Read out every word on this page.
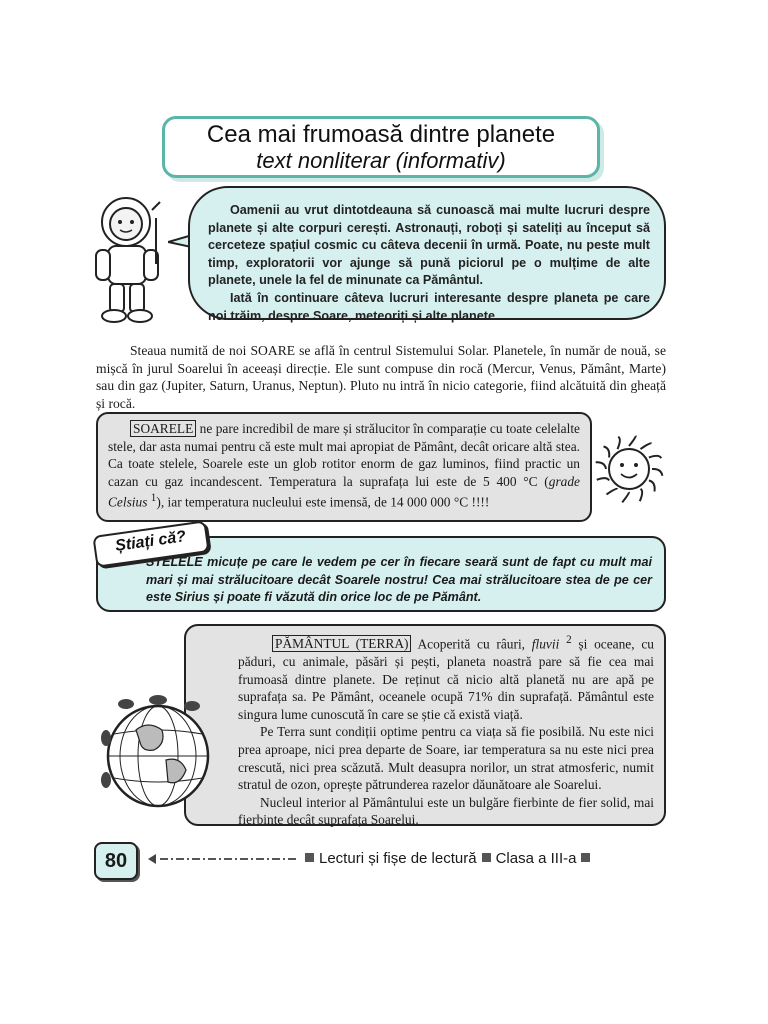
Cea mai frumoasă dintre planete
text nonliterar (informativ)

Oamenii au vrut dintotdeauna să cunoască mai multe lucruri despre planete și alte corpuri cerești. Astronauți, roboți și sateliți au început să cerceteze spațiul cosmic cu câteva decenii în urmă. Poate, nu peste mult timp, exploratorii vor ajunge să pună piciorul pe o mulțime de alte planete, unele la fel de minunate ca Pământul.

Iată în continuare câteva lucruri interesante despre planeta pe care noi trăim, despre Soare, meteoriți și alte planete.

Steaua numită de noi SOARE se află în centrul Sistemului Solar. Planetele, în număr de nouă, se mișcă în jurul Soarelui în aceeași direcție. Ele sunt compuse din rocă (Mercur, Venus, Pământ, Marte) sau din gaz (Jupiter, Saturn, Uranus, Neptun). Pluto nu intră în nicio categorie, fiind alcătuită din gheață și rocă.

SOARELE ne pare incredibil de mare și strălucitor în comparație cu toate celelalte stele, dar asta numai pentru că este mult mai apropiat de Pământ, decât oricare altă stea. Ca toate stelele, Soarele este un glob rotitor enorm de gaz luminos, fiind practic un cazan cu gaz incandescent. Temperatura la suprafața lui este de 5 400 °C (grade Celsius $^1$), iar temperatura nucleului este imensă, de 14 000 000 °C !!!!

STELELE micuțe pe care le vedem pe cer în fiecare seară sunt de fapt cu mult mai mari și mai strălucitoare decât Soarele nostru! Cea mai strălucitoare stea de pe cer este Sirius și poate fi văzută din orice loc de pe Pământ.

Știați că?

PĂMÂNTUL (TERRA) Acoperită cu râuri, fluvii $^2$ și oceane, cu păduri, cu animale, păsări și pești, planeta noastră pare să fie cea mai frumoasă dintre planete. De reținut că nicio altă planetă nu are apă pe suprafața sa. Pe Pământ, oceanele ocupă 71% din suprafață. Pământul este singura lume cunoscută în care se știe că există viață.

Pe Terra sunt condiții optime pentru ca viața să fie posibilă. Nu este nici prea aproape, nici prea departe de Soare, iar temperatura sa nu este nici prea crescută, nici prea scăzută. Mult deasupra norilor, un strat atmosferic, numit stratul de ozon, oprește pătrunderea razelor dăunătoare ale Soarelui.

Nucleul interior al Pământului este un bulgăre fierbinte de fier solid, mai fierbinte decât suprafața Soarelui.

80	Lecturi și fișe de lectură Clasa a III-a
